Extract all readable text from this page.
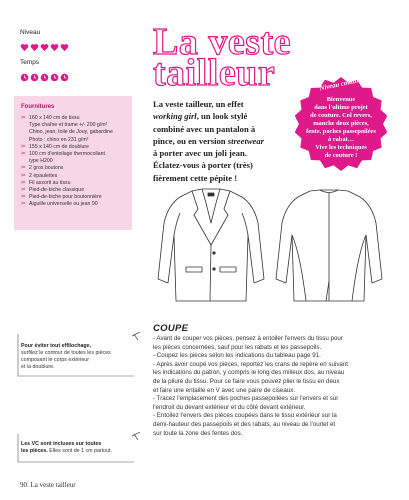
Niveau
Temps	La veste
tailleur
La veste tailleur, un effet
working girl, un look stylé
combiné avec un pantalon à
pince, ou en version streetwear
à porter avec un joli jean.
Éclatez-vous à porter (très)
fièrement cette pépite !
Niveau couture
Bienvenue
dans l'ultime projet
de couture. Col revers,
manche deux pièces,
fente, poches passepoilées
à rabat…
Vive les techniques
de couture !
Fournitures
✂ 160 x 140 cm de tissu
Type chaîne et trame +/- 200 g/m²
Chino, jean, toile de Jouy, gabardine
Photo : chino en 231 g/m²
✂ 155 x 140 cm de doublure
✂ 100 cm d'entoilage thermocollant
type H200
✂ 2 gros boutons
✂ 2 épaulettes
✂ Fil assorti au tissu
✂ Pied-de-biche classique
✂ Pied-de-biche pour boutonnière
✂ Aiguille universelle ou jean 90
Pour éviter tout effilochage,
surfilez le contour de toutes les pièces
composant le corps extérieur
et la doublure.
Les VC sont incluses sur toutes
les pièces. Elles sont de 1 cm partout.
COUPE

- Avant de couper vos pièces, pensez à entoiler l'envers du tissu pour

les pièces concernées, sauf pour les rabats et les passepoils.

- Coupez les pièces selon les indications du tableau page 91.

- Après avoir coupé vos pièces, reportez les crans de repère en suivant

les indications du patron, y compris le long des milieux dos, au niveau

de la pliure du tissu. Pour ce faire vous pouvez plier le tissu en deux

et faire une entaille en V avec une paire de ciseaux.

- Tracez l'emplacement des poches passepoilées sur l'envers et sur

l'endroit du devant extérieur et du côté devant extérieur.

- Entoilez l'envers des pièces coupées dans le tissu extérieur sur la

demi-hauteur des passepoils et des rabats, au niveau de l'ourlet et

sur toute la zone des fentes dos.

90. La veste tailleur
